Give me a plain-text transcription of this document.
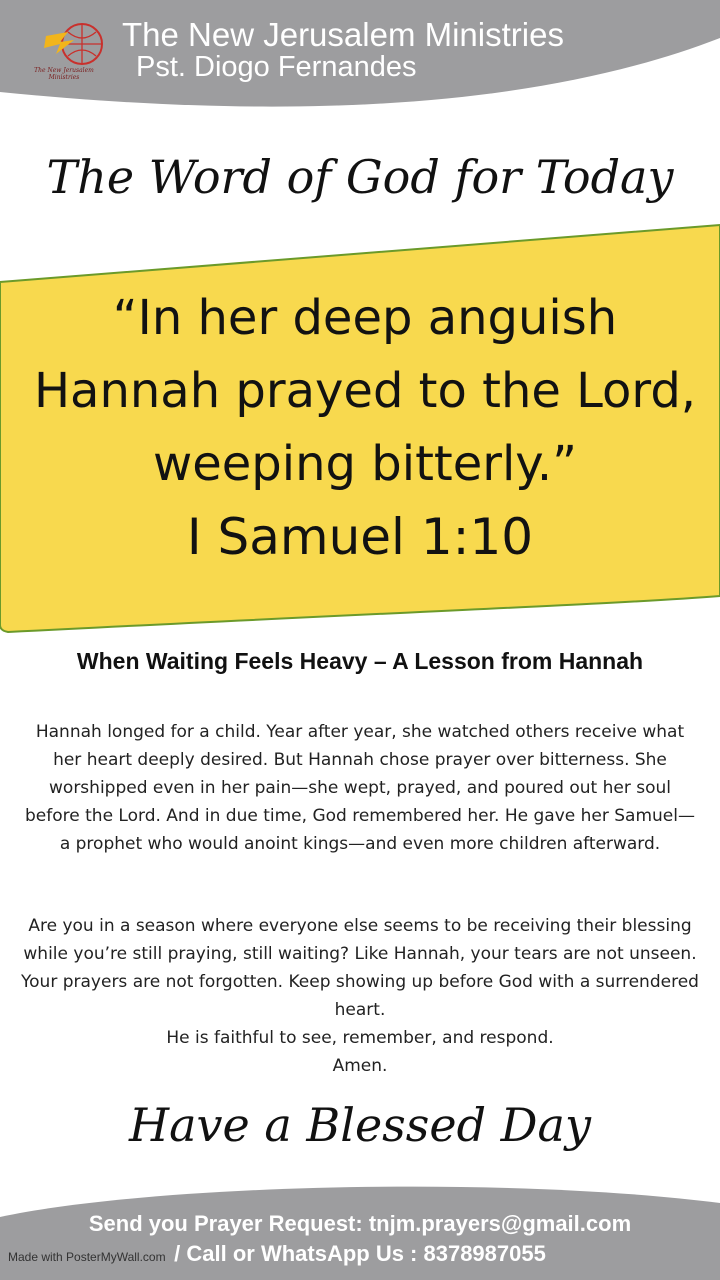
The New Jerusalem Ministries
The New Jerusalem Ministries
Pst. Diogo Fernandes
The Word of God for Today
“In her deep anguish Hannah prayed to the Lord, weeping bitterly.”
I Samuel 1:10
When Waiting Feels Heavy – A Lesson from Hannah
Hannah longed for a child. Year after year, she watched others receive what her heart deeply desired. But Hannah chose prayer over bitterness. She worshipped even in her pain—she wept, prayed, and poured out her soul before the Lord. And in due time, God remembered her. He gave her Samuel—a prophet who would anoint kings—and even more children afterward.
Are you in a season where everyone else seems to be receiving their blessing while you’re still praying, still waiting? Like Hannah, your tears are not unseen. Your prayers are not forgotten. Keep showing up before God with a surrendered heart.
He is faithful to see, remember, and respond.
Amen.
Have a Blessed Day
Send you Prayer Request: tnjm.prayers@gmail.com
/ Call or WhatsApp Us : 8378987055
Made with PosterMyWall.com
